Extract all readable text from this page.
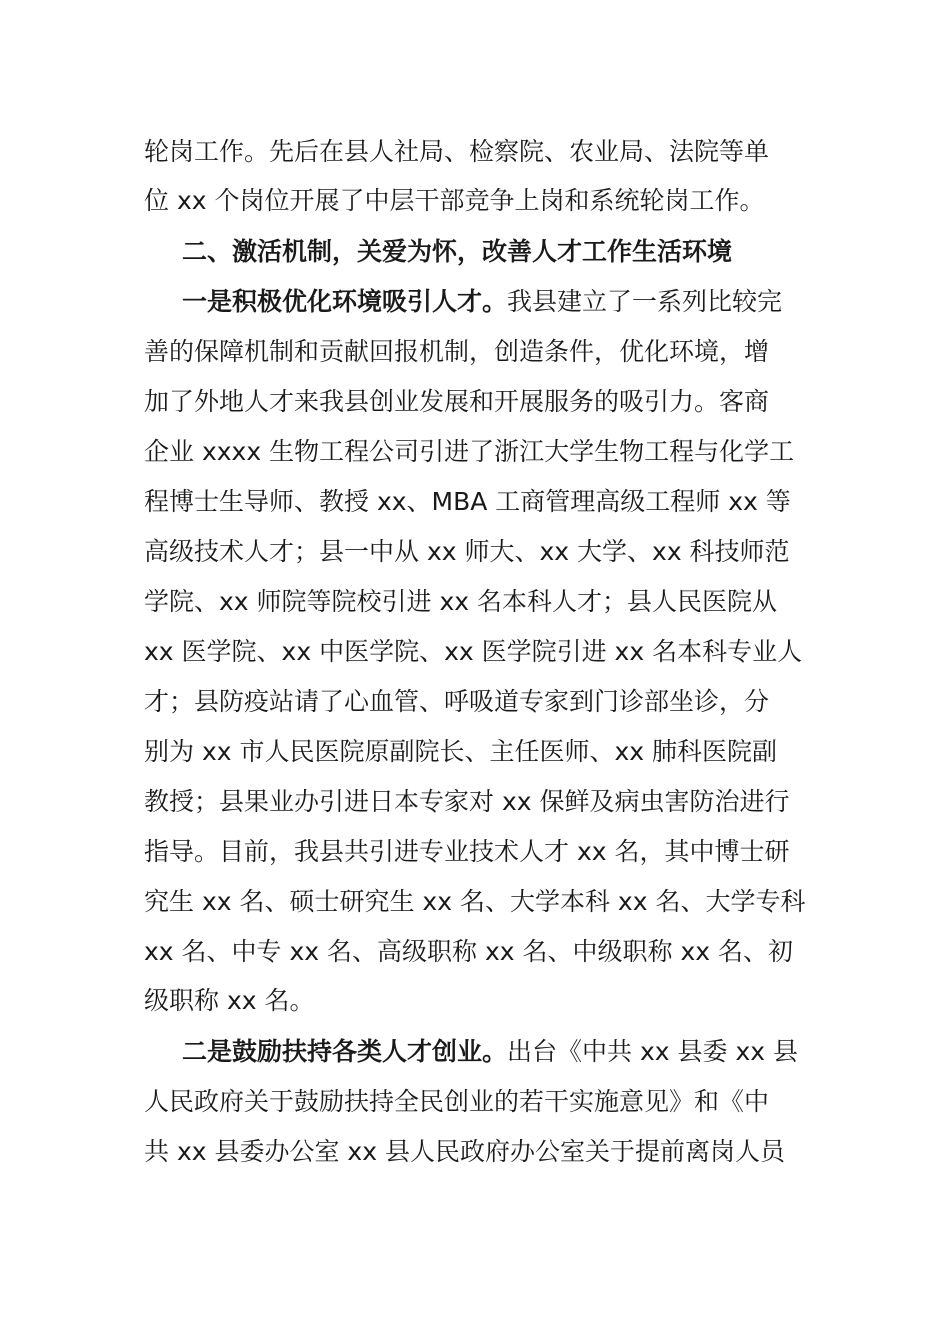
轮岗工作。先后在县人社局、检察院、农业局、法院等单
位 xx 个岗位开展了中层干部竞争上岗和系统轮岗工作。
二、激活机制，关爱为怀，改善人才工作生活环境
一是积极优化环境吸引人才。我县建立了一系列比较完
善的保障机制和贡献回报机制，创造条件，优化环境，增
加了外地人才来我县创业发展和开展服务的吸引力。客商
企业 xxxx 生物工程公司引进了浙江大学生物工程与化学工
程博士生导师、教授 xx、MBA 工商管理高级工程师 xx 等
高级技术人才；县一中从 xx 师大、xx 大学、xx 科技师范
学院、xx 师院等院校引进 xx 名本科人才；县人民医院从
xx 医学院、xx 中医学院、xx 医学院引进 xx 名本科专业人
才；县防疫站请了心血管、呼吸道专家到门诊部坐诊，分
别为 xx 市人民医院原副院长、主任医师、xx 肺科医院副
教授；县果业办引进日本专家对 xx 保鲜及病虫害防治进行
指导。目前，我县共引进专业技术人才 xx 名，其中博士研
究生 xx 名、硕士研究生 xx 名、大学本科 xx 名、大学专科
xx 名、中专 xx 名、高级职称 xx 名、中级职称 xx 名、初
级职称 xx 名。
二是鼓励扶持各类人才创业。出台《中共 xx 县委 xx 县
人民政府关于鼓励扶持全民创业的若干实施意见》和《中
共 xx 县委办公室 xx 县人民政府办公室关于提前离岗人员
